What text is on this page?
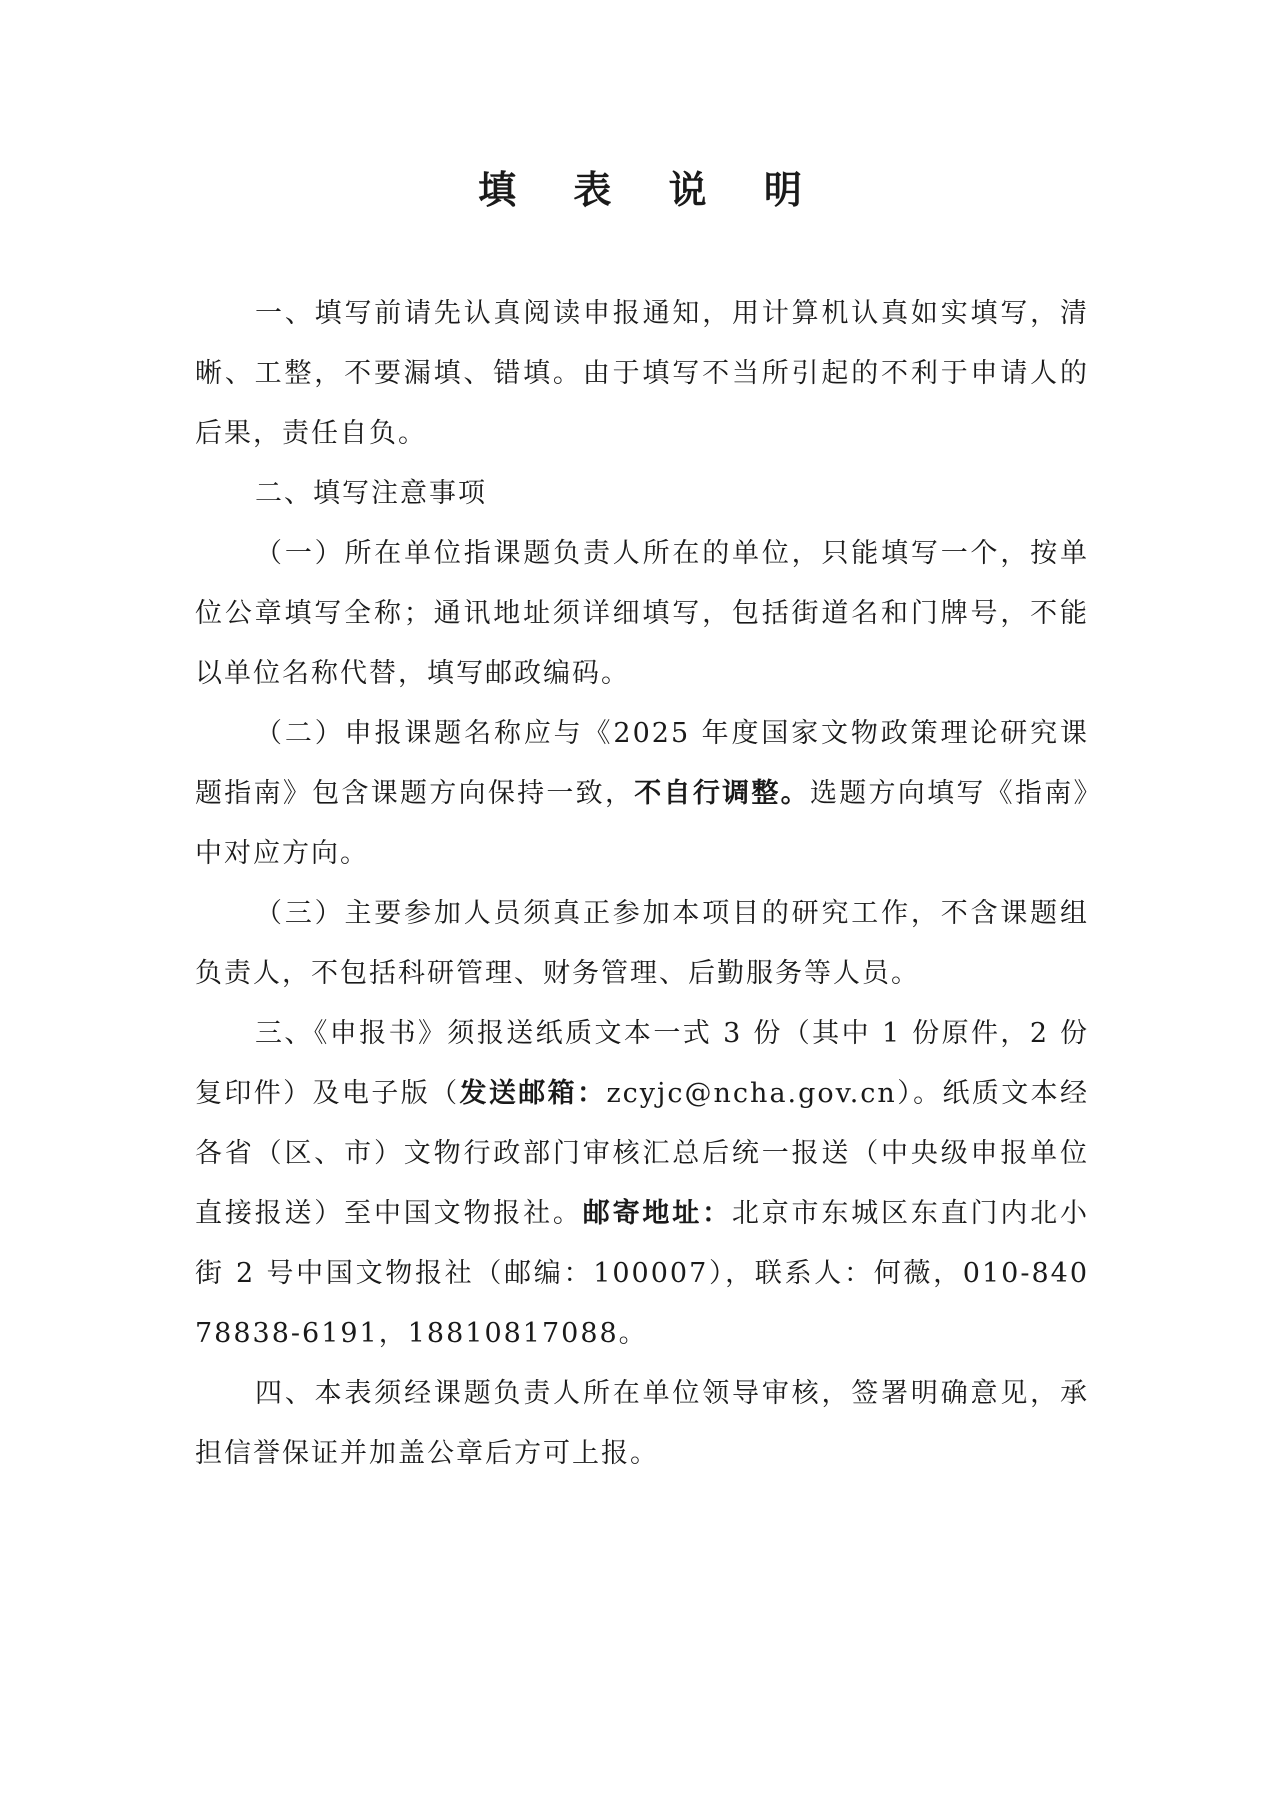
填 表 说 明

一、填写前请先认真阅读申报通知，用计算机认真如实填写，清晰、工整，不要漏填、错填。由于填写不当所引起的不利于申请人的后果，责任自负。

二、填写注意事项

（一）所在单位指课题负责人所在的单位，只能填写一个，按单位公章填写全称；通讯地址须详细填写，包括街道名和门牌号，不能以单位名称代替，填写邮政编码。

（二）申报课题名称应与《2025 年度国家文物政策理论研究课题指南》包含课题方向保持一致，不自行调整。选题方向填写《指南》中对应方向。

（三）主要参加人员须真正参加本项目的研究工作，不含课题组负责人，不包括科研管理、财务管理、后勤服务等人员。

三、《申报书》须报送纸质文本一式 3 份（其中 1 份原件，2 份复印件）及电子版（发送邮箱：zcyjc@ncha.gov.cn）。纸质文本经各省（区、市）文物行政部门审核汇总后统一报送（中央级申报单位直接报送）至中国文物报社。邮寄地址：北京市东城区东直门内北小街 2 号中国文物报社（邮编：100007），联系人：何薇，010-84078838-6191，18810817088。

四、本表须经课题负责人所在单位领导审核，签署明确意见，承担信誉保证并加盖公章后方可上报。
